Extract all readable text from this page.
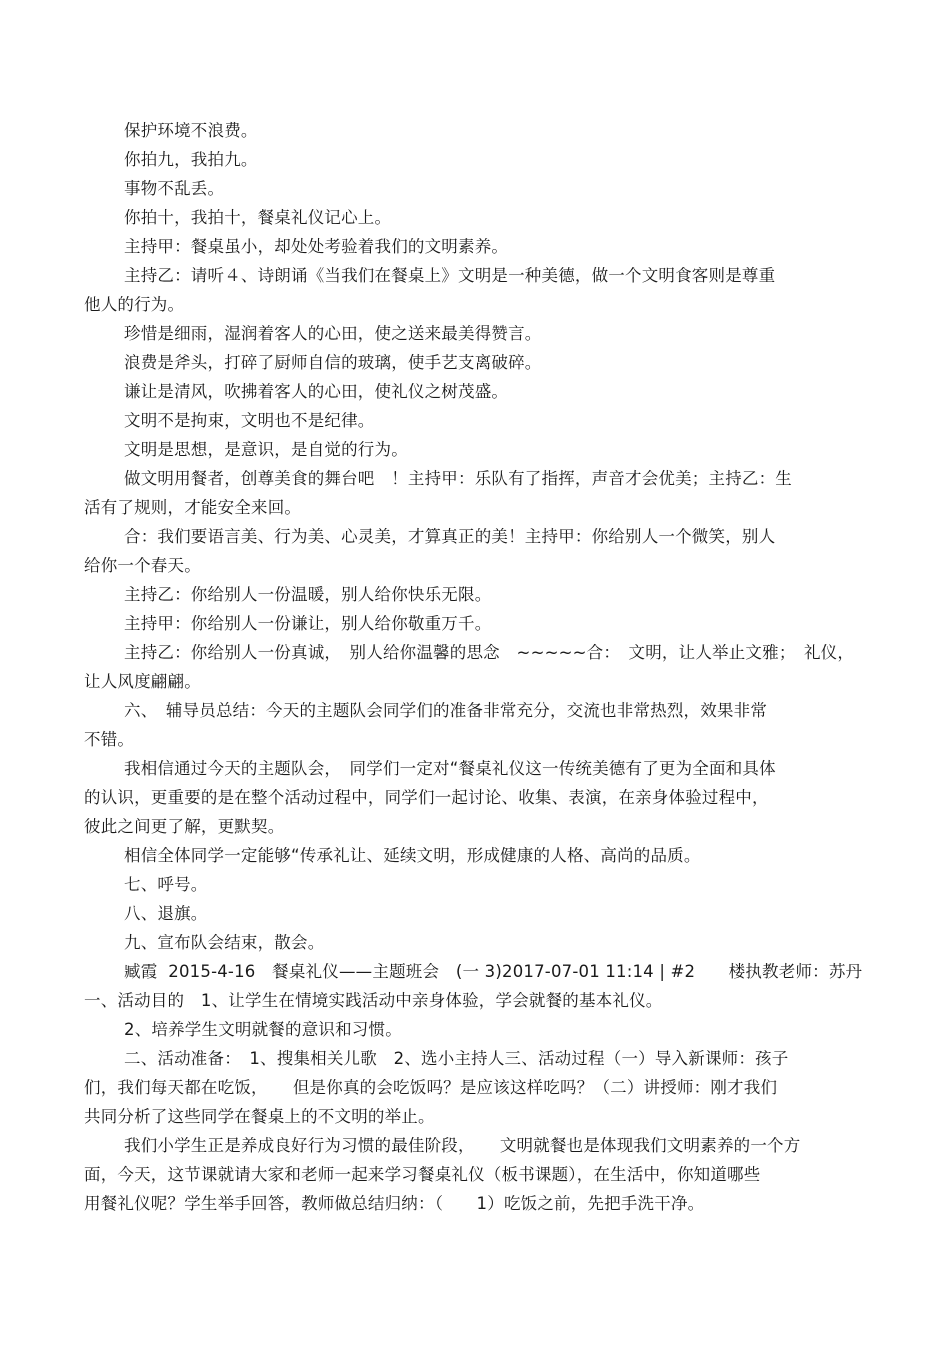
保护环境不浪费。

你拍九，我拍九。

事物不乱丢。

你拍十，我拍十，餐桌礼仪记心上。

主持甲：餐桌虽小，却处处考验着我们的文明素养。

主持乙：请听４、诗朗诵《当我们在餐桌上》文明是一种美德，做一个文明食客则是尊重
他人的行为。

珍惜是细雨，湿润着客人的心田，使之送来最美得赞言。

浪费是斧头，打碎了厨师自信的玻璃，使手艺支离破碎。

谦让是清风，吹拂着客人的心田，使礼仪之树茂盛。

文明不是拘束，文明也不是纪律。

文明是思想，是意识，是自觉的行为。

做文明用餐者，创尊美食的舞台吧　！主持甲：乐队有了指挥，声音才会优美；主持乙：生
活有了规则，才能安全来回。

合：我们要语言美、行为美、心灵美，才算真正的美！主持甲：你给别人一个微笑，别人
给你一个春天。

主持乙：你给别人一份温暖，别人给你快乐无限。

主持甲：你给别人一份谦让，别人给你敬重万千。

主持乙：你给别人一份真诚，　别人给你温馨的思念　~~~~~合：　文明，让人举止文雅；　礼仪，
让人风度翩翩。

六、　辅导员总结：今天的主题队会同学们的准备非常充分，交流也非常热烈，效果非常
不错。

我相信通过今天的主题队会，　同学们一定对“餐桌礼仪这一传统美德有了更为全面和具体
的认识，更重要的是在整个活动过程中，同学们一起讨论、收集、表演，在亲身体验过程中，
彼此之间更了解，更默契。

相信全体同学一定能够“传承礼让、延续文明，形成健康的人格、高尚的品质。

七、呼号。

八、退旗。

九、宣布队会结束，散会。

臧霞  2015-4-16　餐桌礼仪——主题班会　(一 3)2017-07-01 11:14 | #2　　楼执教老师：苏丹
一、活动目的　1、让学生在情境实践活动中亲身体验，学会就餐的基本礼仪。

2、培养学生文明就餐的意识和习惯。

二、活动准备：　1、搜集相关儿歌　2、选小主持人三、活动过程（一）导入新课师：孩子
们，我们每天都在吃饭，　　但是你真的会吃饭吗？是应该这样吃吗？（二）讲授师：刚才我们
共同分析了这些同学在餐桌上的不文明的举止。

我们小学生正是养成良好行为习惯的最佳阶段，　　文明就餐也是体现我们文明素养的一个方
面，今天，这节课就请大家和老师一起来学习餐桌礼仪（板书课题），在生活中，你知道哪些
用餐礼仪呢？学生举手回答，教师做总结归纳：（　　1）吃饭之前，先把手洗干净。
